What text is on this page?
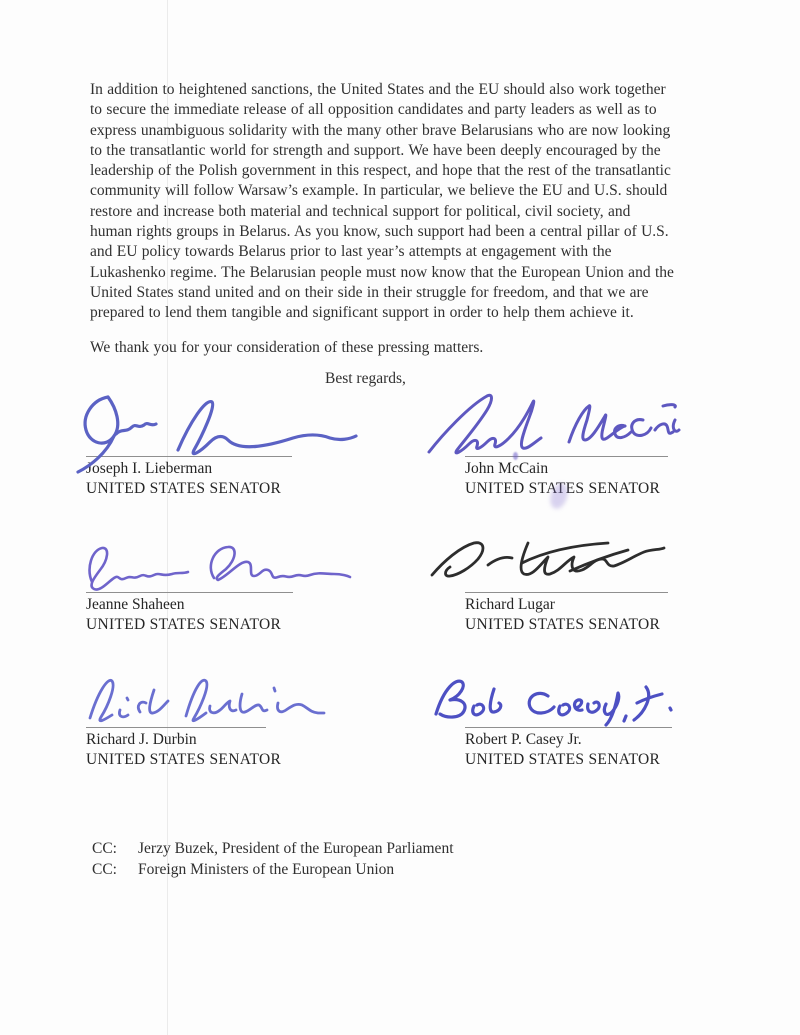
In addition to heightened sanctions, the United States and the EU should also work together
to secure the immediate release of all opposition candidates and party leaders as well as to
express unambiguous solidarity with the many other brave Belarusians who are now looking
to the transatlantic world for strength and support. We have been deeply encouraged by the
leadership of the Polish government in this respect, and hope that the rest of the transatlantic
community will follow Warsaw’s example. In particular, we believe the EU and U.S. should
restore and increase both material and technical support for political, civil society, and
human rights groups in Belarus. As you know, such support had been a central pillar of U.S.
and EU policy towards Belarus prior to last year’s attempts at engagement with the
Lukashenko regime. The Belarusian people must now know that the European Union and the
United States stand united and on their side in their struggle for freedom, and that we are
prepared to lend them tangible and significant support in order to help them achieve it.
We thank you for your consideration of these pressing matters.
Best regards,
Joseph I. Lieberman
UNITED STATES SENATOR
John McCain
UNITED STATES SENATOR
Jeanne Shaheen
UNITED STATES SENATOR
Richard Lugar
UNITED STATES SENATOR
Richard J. Durbin
UNITED STATES SENATOR
Robert P. Casey Jr.
UNITED STATES SENATOR
CC:	Jerzy Buzek, President of the European Parliament
CC:	Foreign Ministers of the European Union
